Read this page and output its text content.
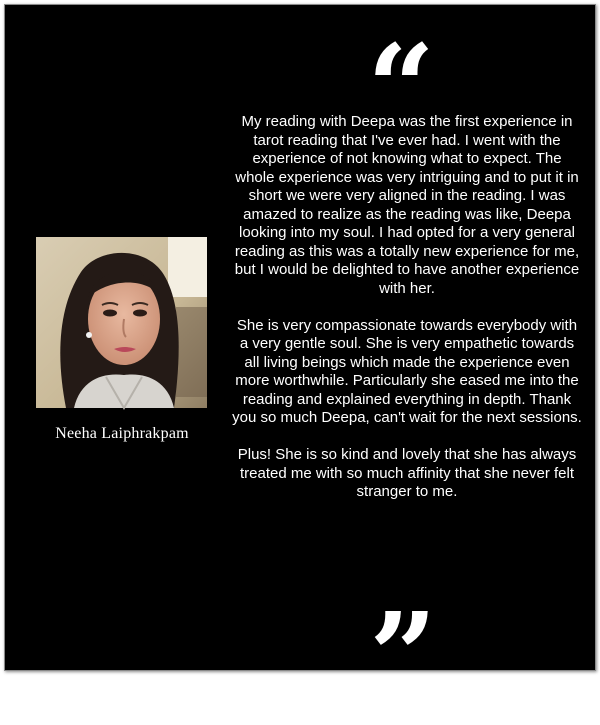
“
Neeha Laiphrakpam

My reading with Deepa was the first experience in tarot reading that I've ever had. I went with the experience of not knowing what to expect. The whole experience was very intriguing and to put it in short we were very aligned in the reading. I was amazed to realize as the reading was like, Deepa looking into my soul. I had opted for a very general reading as this was a totally new experience for me, but I would be delighted to have another experience with her.

She is very compassionate towards everybody with a very gentle soul. She is very empathetic towards all living beings which made the experience even more worthwhile. Particularly she eased me into the reading and explained everything in depth. Thank you so much Deepa, can't wait for the next sessions.

Plus! She is so kind and lovely that she has always treated me with so much affinity that she never felt stranger to me.

”
